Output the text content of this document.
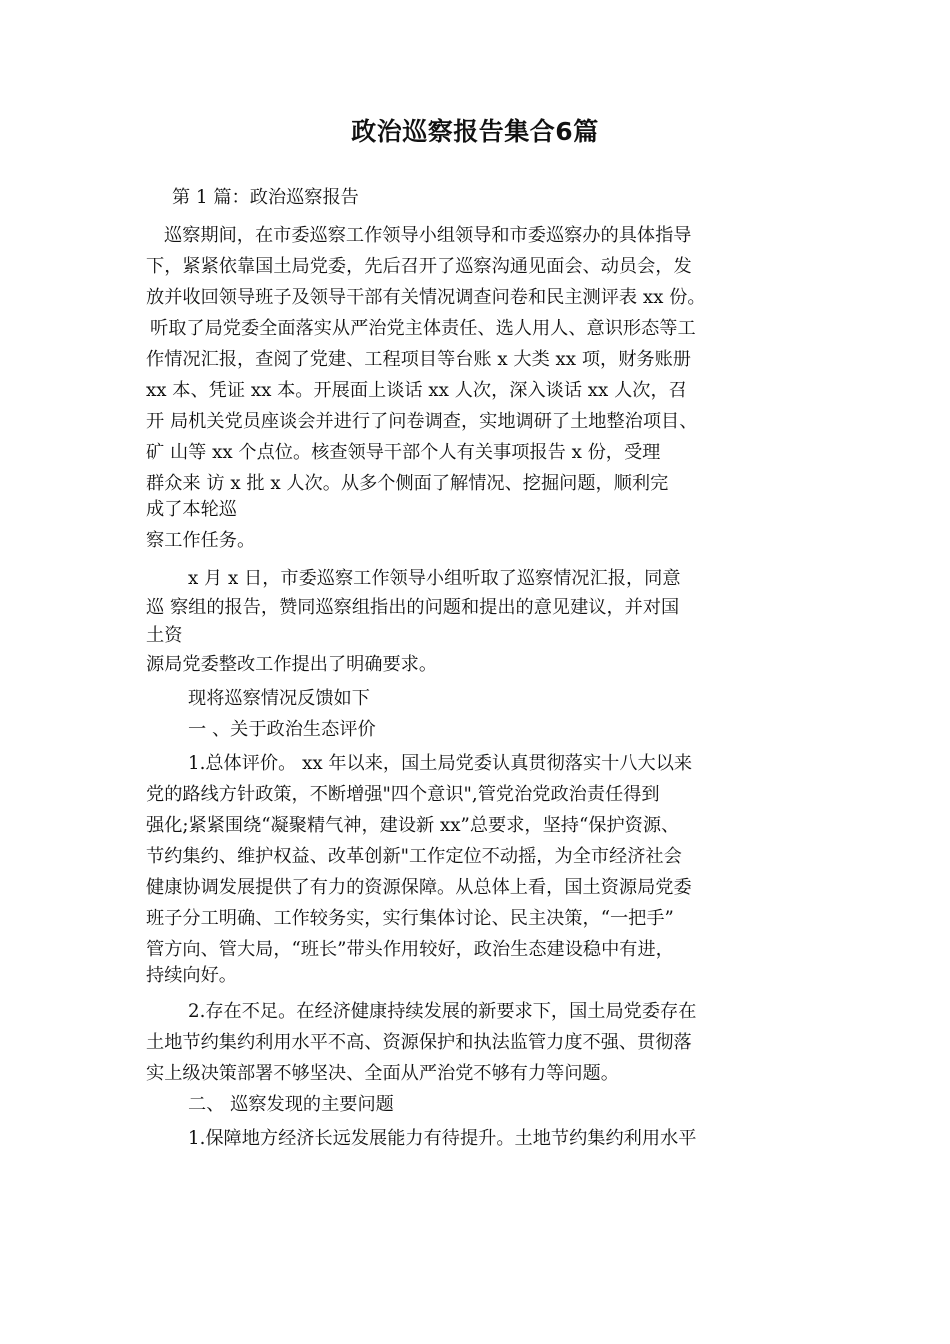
政治巡察报告集合6篇

第 1 篇：政治巡察报告

巡察期间，在市委巡察工作领导小组领导和市委巡察办的具体指导

下，紧紧依靠国土局党委，先后召开了巡察沟通见面会、动员会，发

放并收回领导班子及领导干部有关情况调查问卷和民主测评表 xx 份。

听取了局党委全面落实从严治党主体责任、选人用人、意识形态等工

作情况汇报，查阅了党建、工程项目等台账 x 大类 xx 项，财务账册

xx 本、凭证 xx 本。开展面上谈话 xx 人次，深入谈话 xx 人次，召

开 局机关党员座谈会并进行了问卷调查，实地调研了土地整治项目、

矿 山等 xx 个点位。核查领导干部个人有关事项报告 x 份，受理

群众来 访 x 批 x 人次。从多个侧面了解情况、挖掘问题，顺利完

成了本轮巡

察工作任务。

x 月 x 日，市委巡察工作领导小组听取了巡察情况汇报，同意

巡 察组的报告，赞同巡察组指出的问题和提出的意见建议，并对国

土资

源局党委整改工作提出了明确要求。

现将巡察情况反馈如下

一 、关于政治生态评价

1.总体评价。 xx 年以来，国土局党委认真贯彻落实十八大以来

党的路线方针政策，不断增强"四个意识",管党治党政治责任得到

强化;紧紧围绕“凝聚精气神，建设新 xx”总要求，坚持“保护资源、

节约集约、维护权益、改革创新"工作定位不动摇，为全市经济社会

健康协调发展提供了有力的资源保障。从总体上看，国土资源局党委

班子分工明确、工作较务实，实行集体讨论、民主决策，“一把手”

管方向、管大局，“班长”带头作用较好，政治生态建设稳中有进，

持续向好。

2.存在不足。在经济健康持续发展的新要求下，国土局党委存在

土地节约集约利用水平不高、资源保护和执法监管力度不强、贯彻落

实上级决策部署不够坚决、全面从严治党不够有力等问题。

二、 巡察发现的主要问题

1.保障地方经济长远发展能力有待提升。土地节约集约利用水平
